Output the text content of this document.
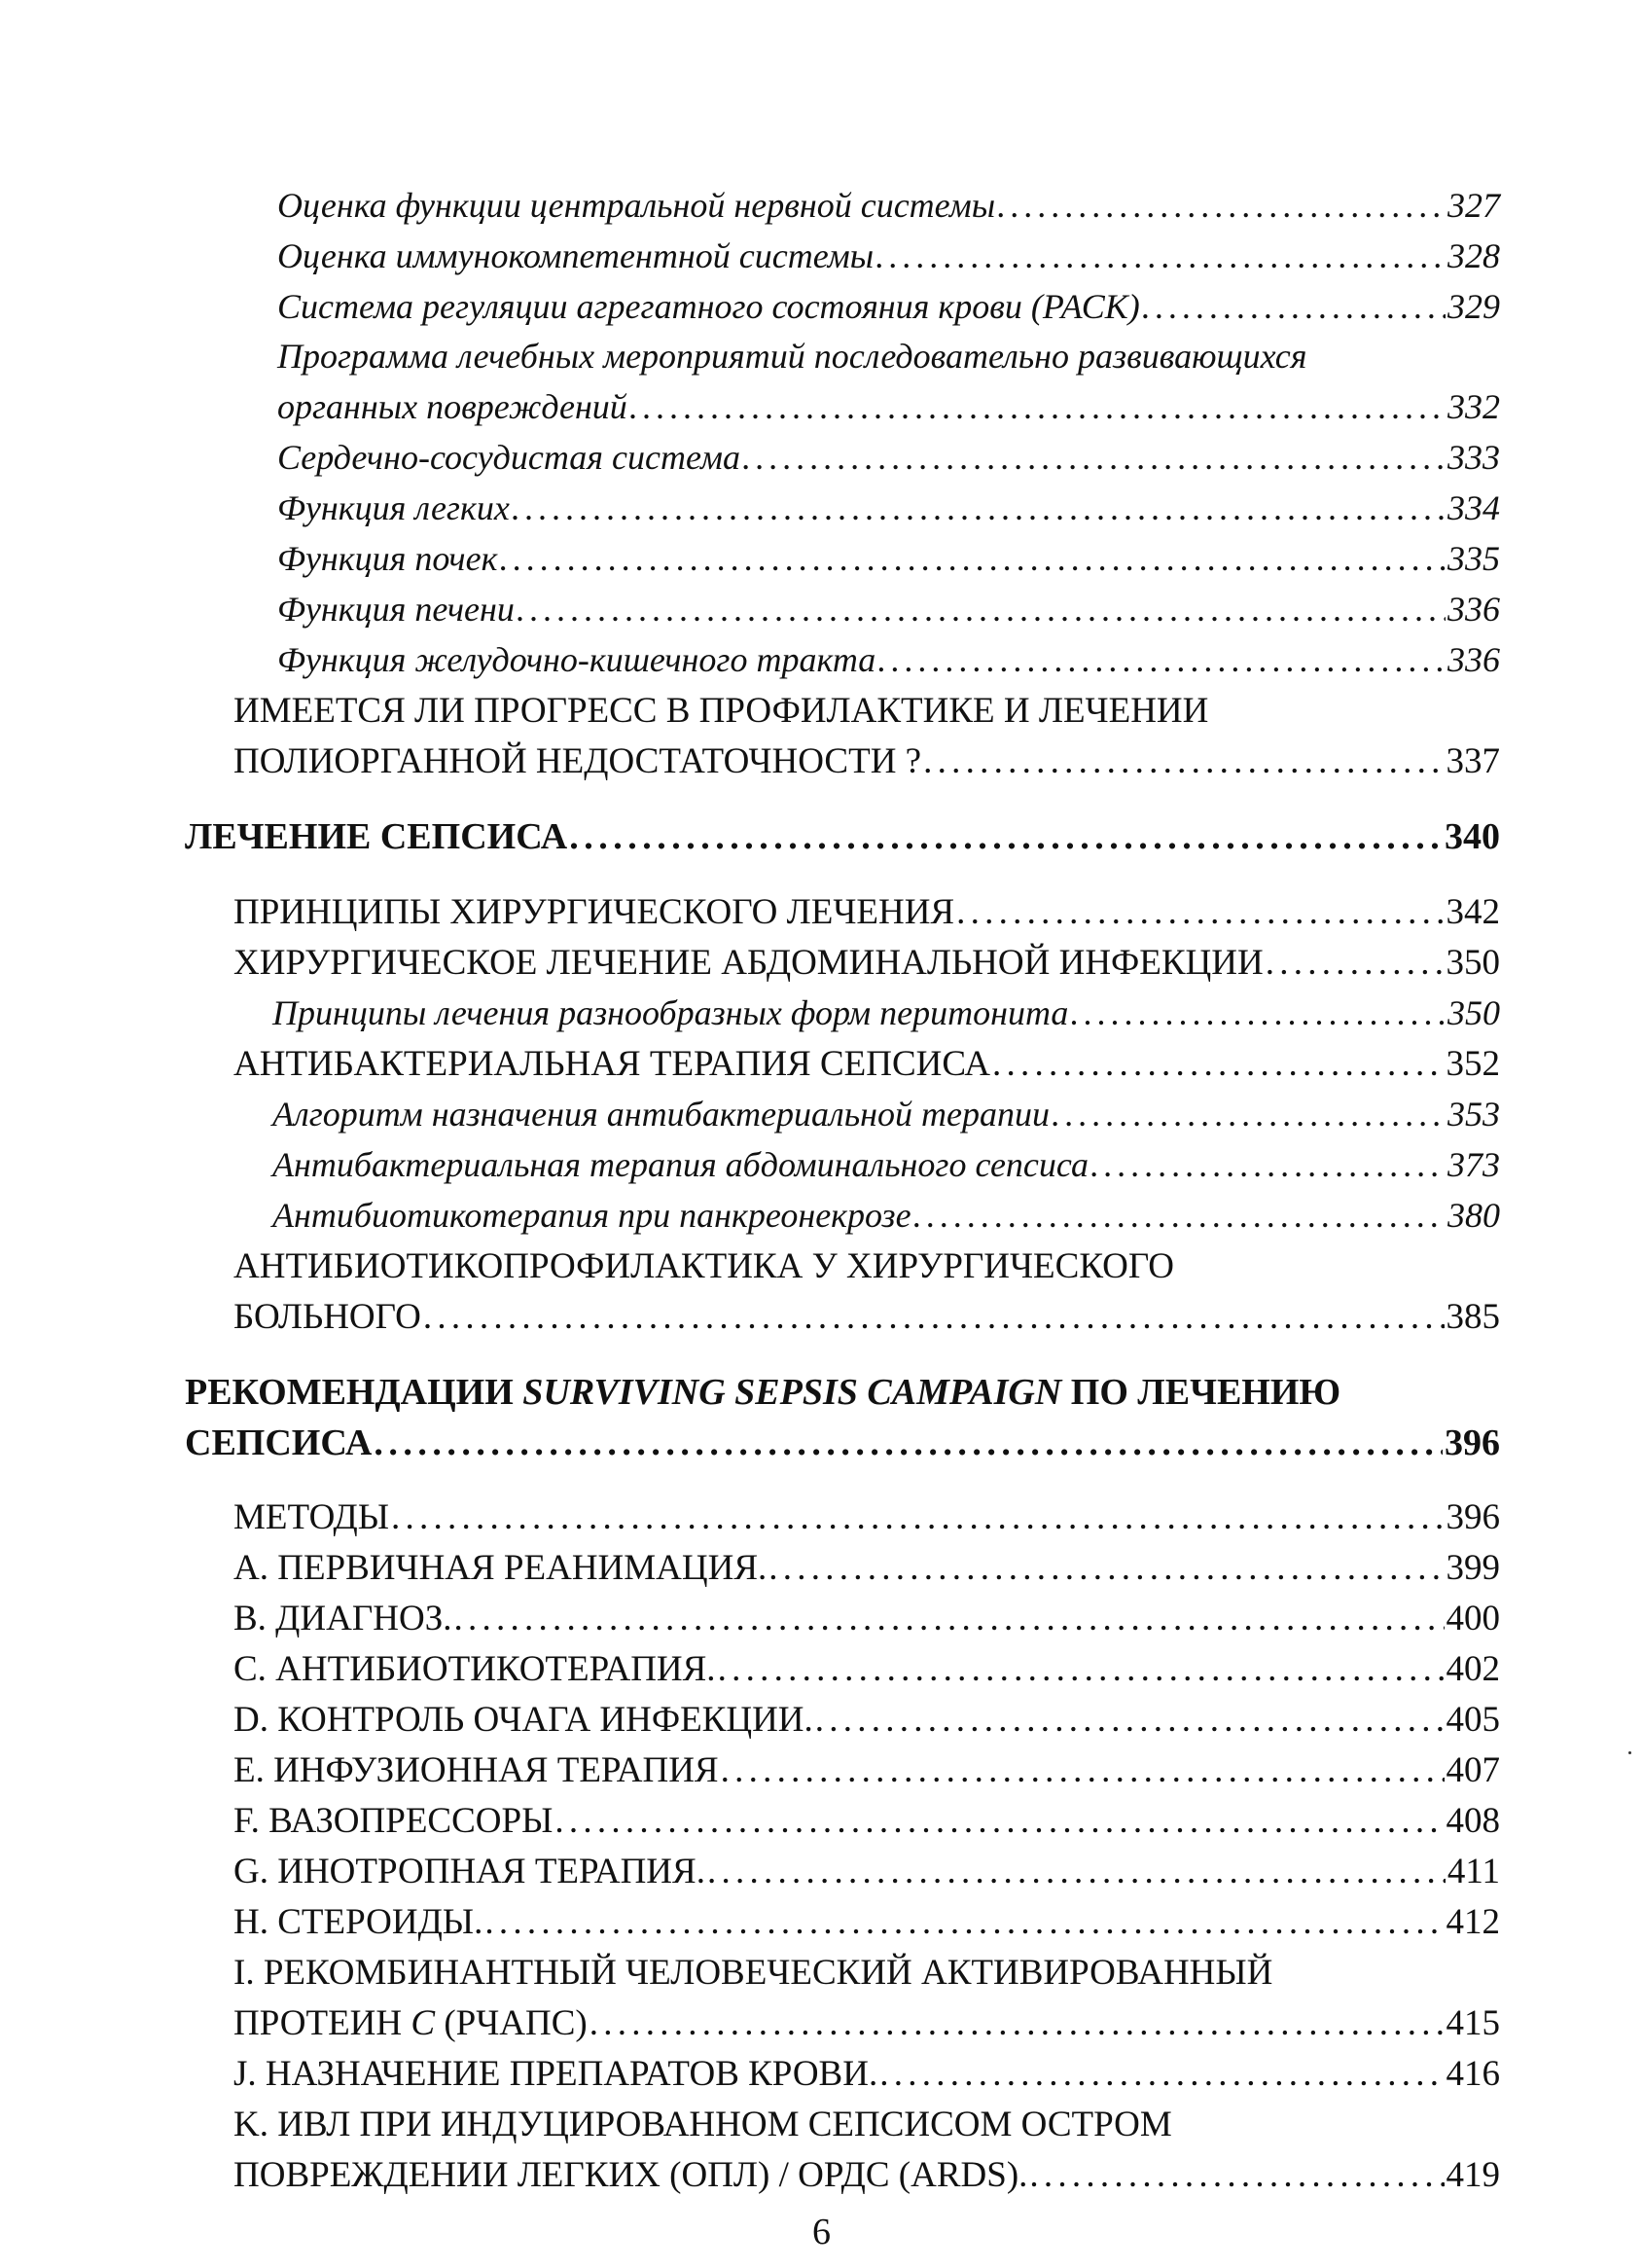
Оценка функции центральной нервной системы . . .	327
Оценка иммунокомпетентной системы . . .	328
Система регуляции агрегатного состояния крови (РАСК) . . .	329
Программа лечебных мероприятий последовательно развивающихся
органных повреждений . . .	332
Сердечно-сосудистая система . . .	333
Функция легких . . .	334
Функция почек . . .	335
Функция печени . . .	336
Функция желудочно-кишечного тракта . . .	336
ИМЕЕТСЯ ЛИ ПРОГРЕСС В ПРОФИЛАКТИКЕ И ЛЕЧЕНИИ
ПОЛИОРГАННОЙ НЕДОСТАТОЧНОСТИ ? . . .	337
ЛЕЧЕНИЕ СЕПСИСА . . .	340
ПРИНЦИПЫ ХИРУРГИЧЕСКОГО ЛЕЧЕНИЯ . . .	342
ХИРУРГИЧЕСКОЕ ЛЕЧЕНИЕ АБДОМИНАЛЬНОЙ ИНФЕКЦИИ . . .	350
Принципы лечения разнообразных форм перитонита . . .	350
АНТИБАКТЕРИАЛЬНАЯ ТЕРАПИЯ СЕПСИСА . . .	352
Алгоритм назначения антибактериальной терапии . . .	353
Антибактериальная терапия абдоминального сепсиса . . .	373
Антибиотикотерапия при панкреонекрозе . . .	380
АНТИБИОТИКОПРОФИЛАКТИКА У ХИРУРГИЧЕСКОГО
БОЛЬНОГО . . .	385
РЕКОМЕНДАЦИИ SURVIVING SEPSIS CAMPAIGN ПО ЛЕЧЕНИЮ
СЕПСИСА . . .	396
МЕТОДЫ . . .	396
A. ПЕРВИЧНАЯ РЕАНИМАЦИЯ. . . .	399
B. ДИАГНОЗ. . . .	400
C. АНТИБИОТИКОТЕРАПИЯ. . . .	402
D. КОНТРОЛЬ ОЧАГА ИНФЕКЦИИ. . . .	405
E. ИНФУЗИОННАЯ ТЕРАПИЯ . . .	407
F. ВАЗОПРЕССОРЫ . . .	408
G. ИНОТРОПНАЯ ТЕРАПИЯ. . . .	411
H. СТЕРОИДЫ. . . .	412
I. РЕКОМБИНАНТНЫЙ ЧЕЛОВЕЧЕСКИЙ АКТИВИРОВАННЫЙ
ПРОТЕИН C (РЧАПС) . . .	415
J. НАЗНАЧЕНИЕ ПРЕПАРАТОВ КРОВИ. . . .	416
K. ИВЛ ПРИ ИНДУЦИРОВАННОМ СЕПСИСОМ ОСТРОМ
ПОВРЕЖДЕНИИ ЛЕГКИХ (ОПЛ) / ОРДС (ARDS). . . .	419
6
